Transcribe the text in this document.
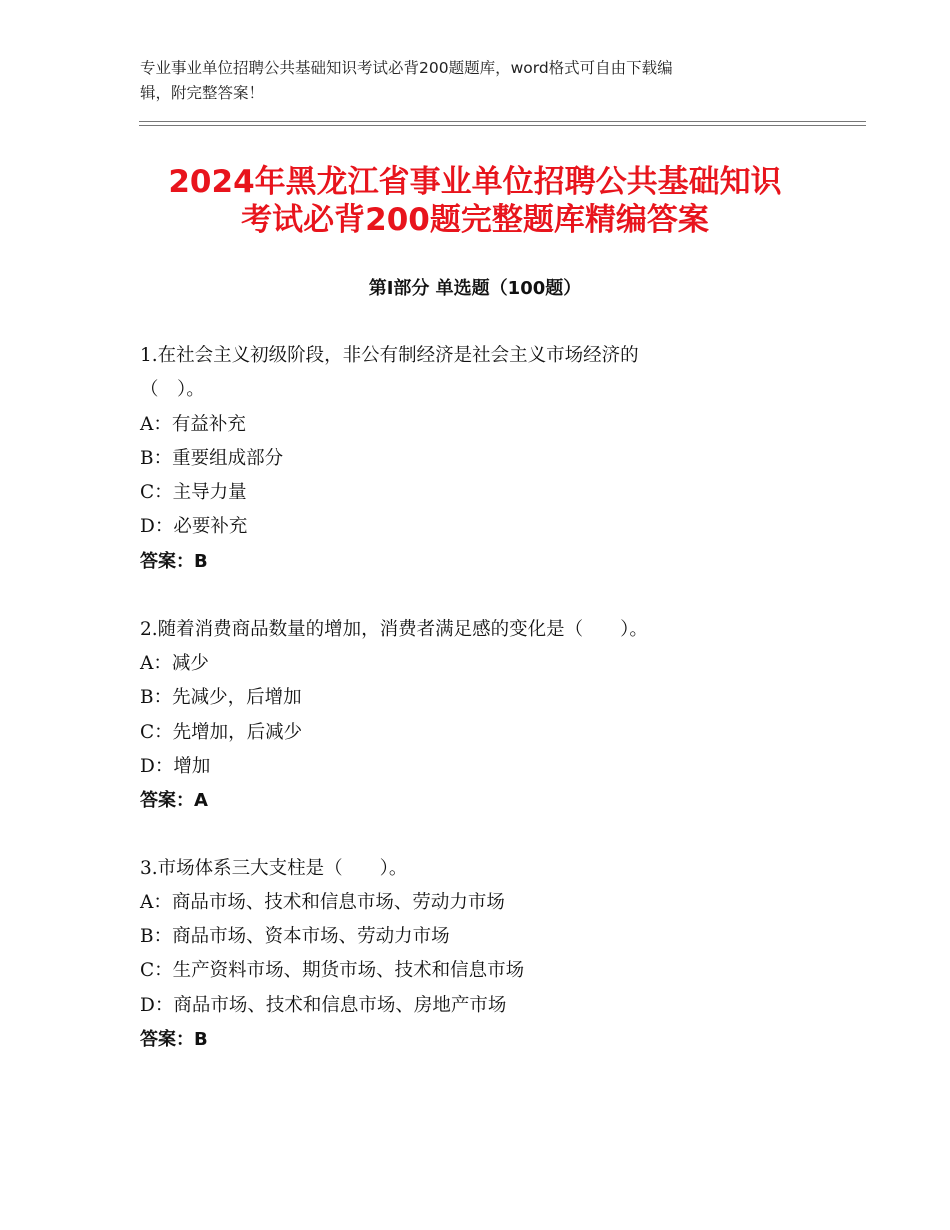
专业事业单位招聘公共基础知识考试必背200题题库，word格式可自由下载编
辑，附完整答案！
2024年黑龙江省事业单位招聘公共基础知识
考试必背200题完整题库精编答案
第Ⅰ部分 单选题（100题）
1.在社会主义初级阶段，非公有制经济是社会主义市场经济的
（　）。
A：有益补充
B：重要组成部分
C：主导力量
D：必要补充
答案：B
2.随着消费商品数量的增加，消费者满足感的变化是（　　）。
A：减少
B：先减少，后增加
C：先增加，后减少
D：增加
答案：A
3.市场体系三大支柱是（　　）。
A：商品市场、技术和信息市场、劳动力市场
B：商品市场、资本市场、劳动力市场
C：生产资料市场、期货市场、技术和信息市场
D：商品市场、技术和信息市场、房地产市场
答案：B
